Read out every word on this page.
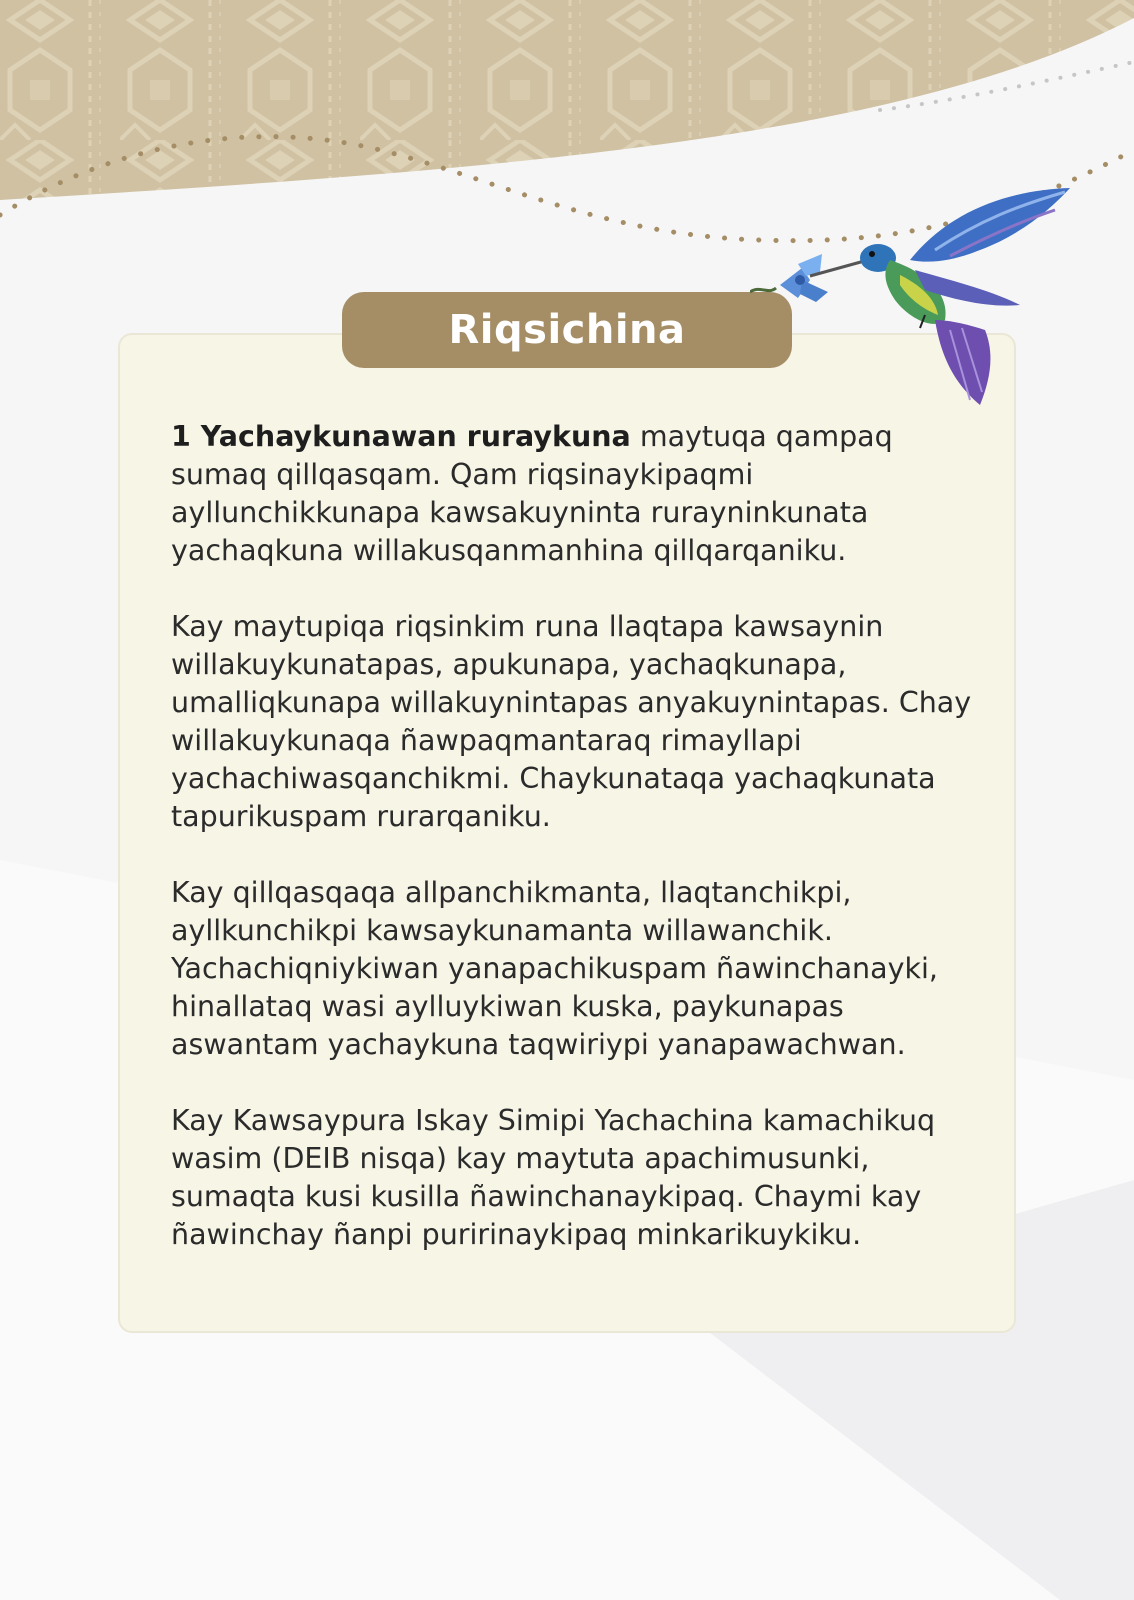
Riqsichina

1 Yachaykunawan ruraykuna maytuqa qampaq sumaq qillqasqam. Qam riqsinaykipaqmi ayllunchikkunapa kawsakuyninta rurayninkunata yachaqkuna willakusqanmanhina qillqarqaniku.

Kay maytupiqa riqsinkim runa llaqtapa kawsaynin willakuykunatapas, apukunapa, yachaqkunapa, umalliqkunapa willakuynintapas anyakuynintapas. Chay willakuykunaqa ñawpaqmantaraq rimayllapi yachachiwasqanchikmi. Chaykunataqa yachaqkunata tapurikuspam rurarqaniku.

Kay qillqasqaqa allpanchikmanta, llaqtanchikpi, ayllkunchikpi kawsaykunamanta willawanchik. Yachachiqniykiwan yanapachikuspam ñawinchanayki, hinallataq wasi aylluykiwan kuska, paykunapas aswantam yachaykuna taqwiriypi yanapawachwan.

Kay Kawsaypura Iskay Simipi Yachachina kamachikuq wasim (DEIB nisqa) kay maytuta apachimusunki, sumaqta kusi kusilla ñawinchanaykipaq. Chaymi kay ñawinchay ñanpi puririnaykipaq minkarikuykiku.
